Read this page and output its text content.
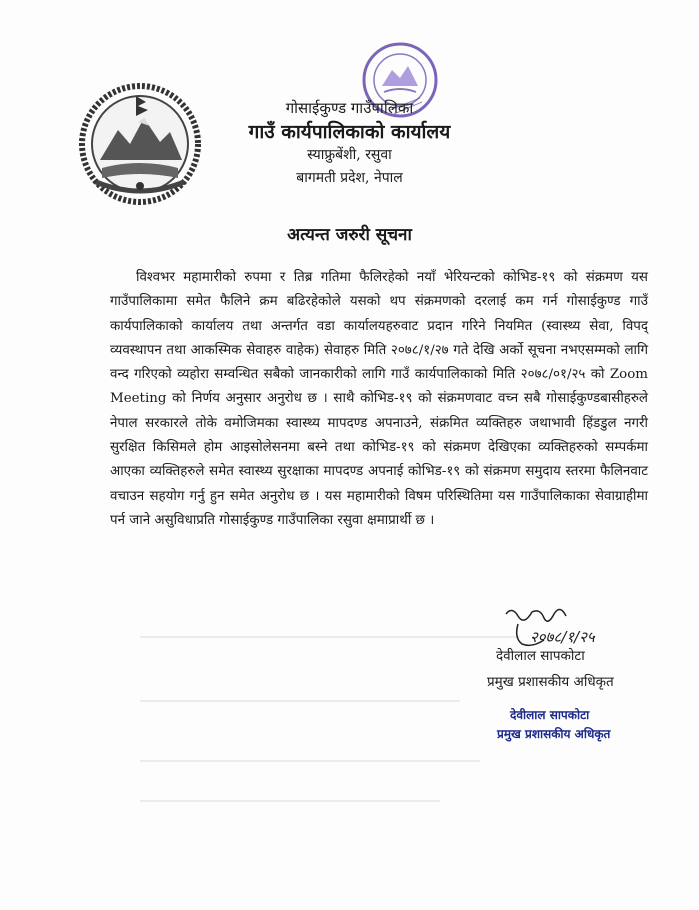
गोसाईकुण्ड गाउँपालिका
गाउँ कार्यपालिकाको कार्यालय
स्याफ्रुबेंशी, रसुवा
बागमती प्रदेश, नेपाल
अत्यन्त जरुरी सूचना
विश्वभर महामारीको रुपमा र तिब्र गतिमा फैलिरहेको नयाँ भेरियन्टको कोभिड-१९ को संक्रमण यस गाउँपालिकामा समेत फैलिने क्रम बढिरहेकोले यसको थप संक्रमणको दरलाई कम गर्न गोसाईकुण्ड गाउँ कार्यपालिकाको कार्यालय तथा अन्तर्गत वडा कार्यालयहरुवाट प्रदान गरिने नियमित (स्वास्थ्य सेवा, विपद् व्यवस्थापन तथा आकस्मिक सेवाहरु वाहेक) सेवाहरु मिति २०७८/१/२७ गते देखि अर्को सूचना नभएसम्मको लागि वन्द गरिएको व्यहोरा सम्वन्धित सबैको जानकारीको लागि गाउँ कार्यपालिकाको मिति २०७८/०१/२५ को Zoom Meeting को निर्णय अनुसार अनुरोध छ । साथै कोभिड-१९ को संक्रमणवाट वच्न सबै गोसाईकुण्डबासीहरुले नेपाल सरकारले तोके वमोजिमका स्वास्थ्य मापदण्ड अपनाउने, संक्रमित व्यक्तिहरु जथाभावी हिंडडुल नगरी सुरक्षित किसिमले होम आइसोलेसनमा बस्ने तथा कोभिड-१९ को संक्रमण देखिएका व्यक्तिहरुको सम्पर्कमा आएका व्यक्तिहरुले समेत स्वास्थ्य सुरक्षाका मापदण्ड अपनाई कोभिड-१९ को संक्रमण समुदाय स्तरमा फैलिनवाट वचाउन सहयोग गर्नु हुन समेत अनुरोध छ । यस महामारीको विषम परिस्थितिमा यस गाउँपालिकाका सेवाग्राहीमा पर्न जाने असुविधाप्रति गोसाईकुण्ड गाउँपालिका रसुवा क्षमाप्रार्थी छ ।
२०७८/१/२५
देवीलाल सापकोटा
प्रमुख प्रशासकीय अधिकृत
देवीलाल सापकोटा
प्रमुख प्रशासकीय अधिकृत
